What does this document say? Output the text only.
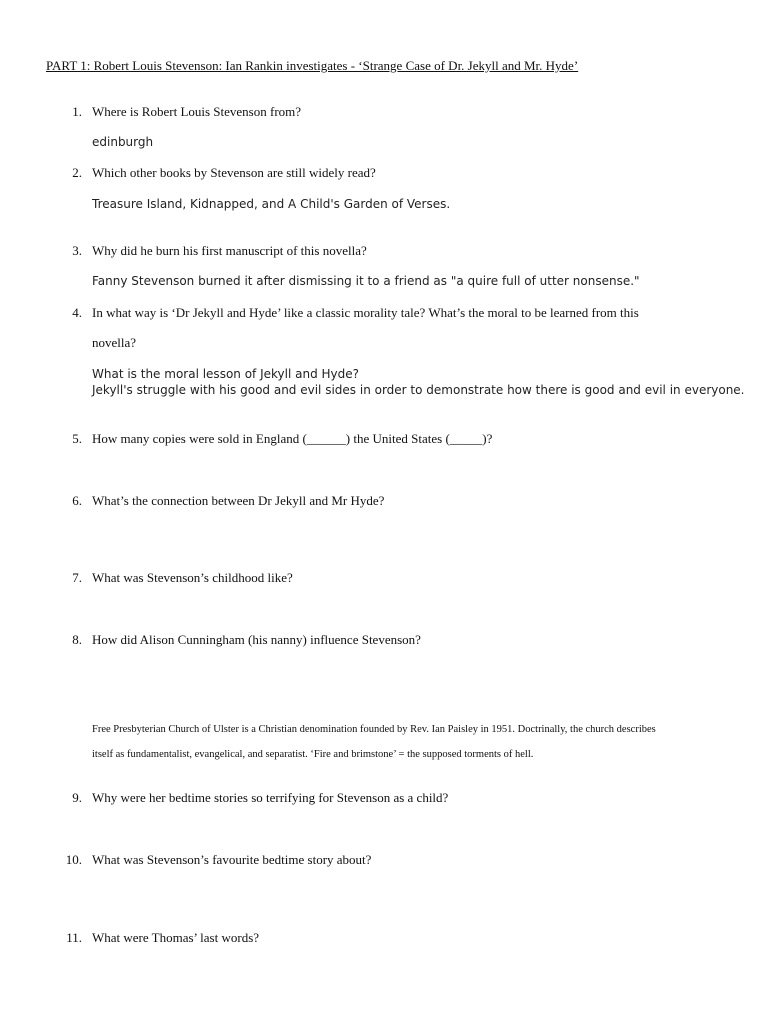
PART 1: Robert Louis Stevenson: Ian Rankin investigates - ‘Strange Case of Dr. Jekyll and Mr. Hyde’
1. Where is Robert Louis Stevenson from?
edinburgh
2. Which other books by Stevenson are still widely read?
Treasure Island, Kidnapped, and A Child's Garden of Verses.
3. Why did he burn his first manuscript of this novella?
Fanny Stevenson burned it after dismissing it to a friend as "a quire full of utter nonsense."
4. In what way is ‘Dr Jekyll and Hyde’ like a classic morality tale? What’s the moral to be learned from this
novella?
What is the moral lesson of Jekyll and Hyde?
Jekyll's struggle with his good and evil sides in order to demonstrate how there is good and evil in everyone.
5. How many copies were sold in England (______) the United States (_____)?
6. What’s the connection between Dr Jekyll and Mr Hyde?
7. What was Stevenson’s childhood like?
8. How did Alison Cunningham (his nanny) influence Stevenson?
Free Presbyterian Church of Ulster is a Christian denomination founded by Rev. Ian Paisley in 1951. Doctrinally, the church describes
itself as fundamentalist, evangelical, and separatist. ‘Fire and brimstone’ = the supposed torments of hell.
9. Why were her bedtime stories so terrifying for Stevenson as a child?
10. What was Stevenson’s favourite bedtime story about?
11. What were Thomas’ last words?
